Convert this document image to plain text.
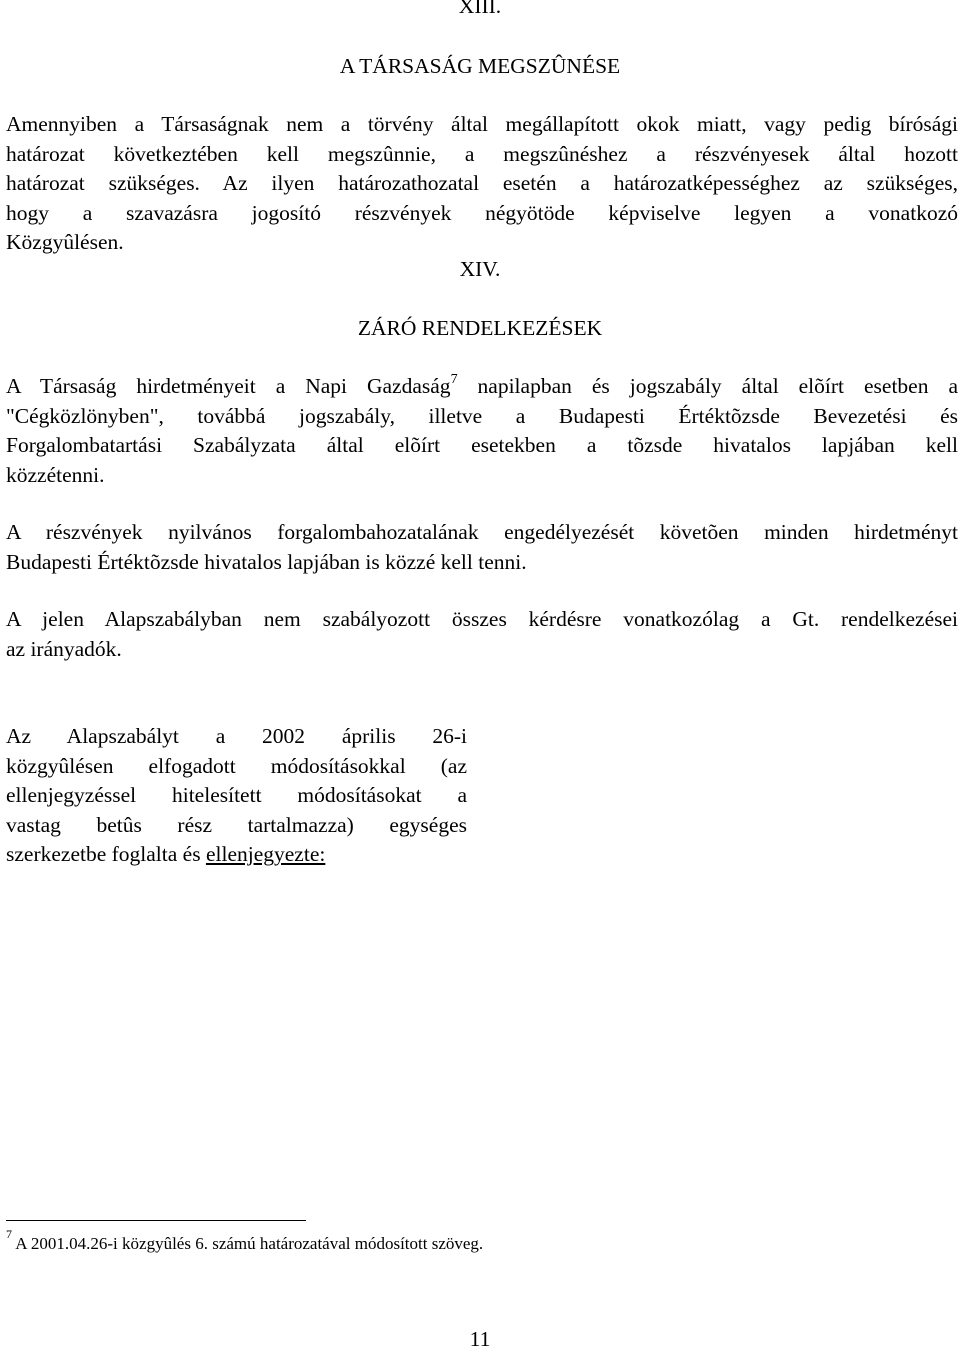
XIII.
A TÁRSASÁG MEGSZÛNÉSE
Amennyiben a Társaságnak nem a törvény által megállapított okok miatt, vagy pedig bírósági
határozat következtében kell megszûnnie, a megszûnéshez a részvényesek által hozott
határozat szükséges. Az ilyen határozathozatal esetén a határozatképességhez az szükséges,
hogy a szavazásra jogosító részvények négyötöde képviselve legyen a vonatkozó
Közgyûlésen.
XIV.
ZÁRÓ RENDELKEZÉSEK
A Társaság hirdetményeit a Napi Gazdaság$^7$ napilapban és jogszabály által elõírt esetben a
"Cégközlönyben", továbbá jogszabály, illetve a Budapesti Értéktõzsde Bevezetési és
Forgalombatartási Szabályzata által elõírt esetekben a tõzsde hivatalos lapjában kell
közzétenni.
A részvények nyilvános forgalombahozatalának engedélyezését követõen minden hirdetményt
Budapesti Értéktõzsde hivatalos lapjában is közzé kell tenni.
A jelen Alapszabályban nem szabályozott összes kérdésre vonatkozólag a Gt. rendelkezései
az irányadók.
Az Alapszabályt a 2002 április 26-i
közgyûlésen elfogadott módosításokkal (az
ellenjegyzéssel hitelesített módosításokat a
vastag betûs rész tartalmazza) egységes
szerkezetbe foglalta és ellenjegyezte:
$^7$ A 2001.04.26-i közgyûlés 6. számú határozatával módosított szöveg.
11
